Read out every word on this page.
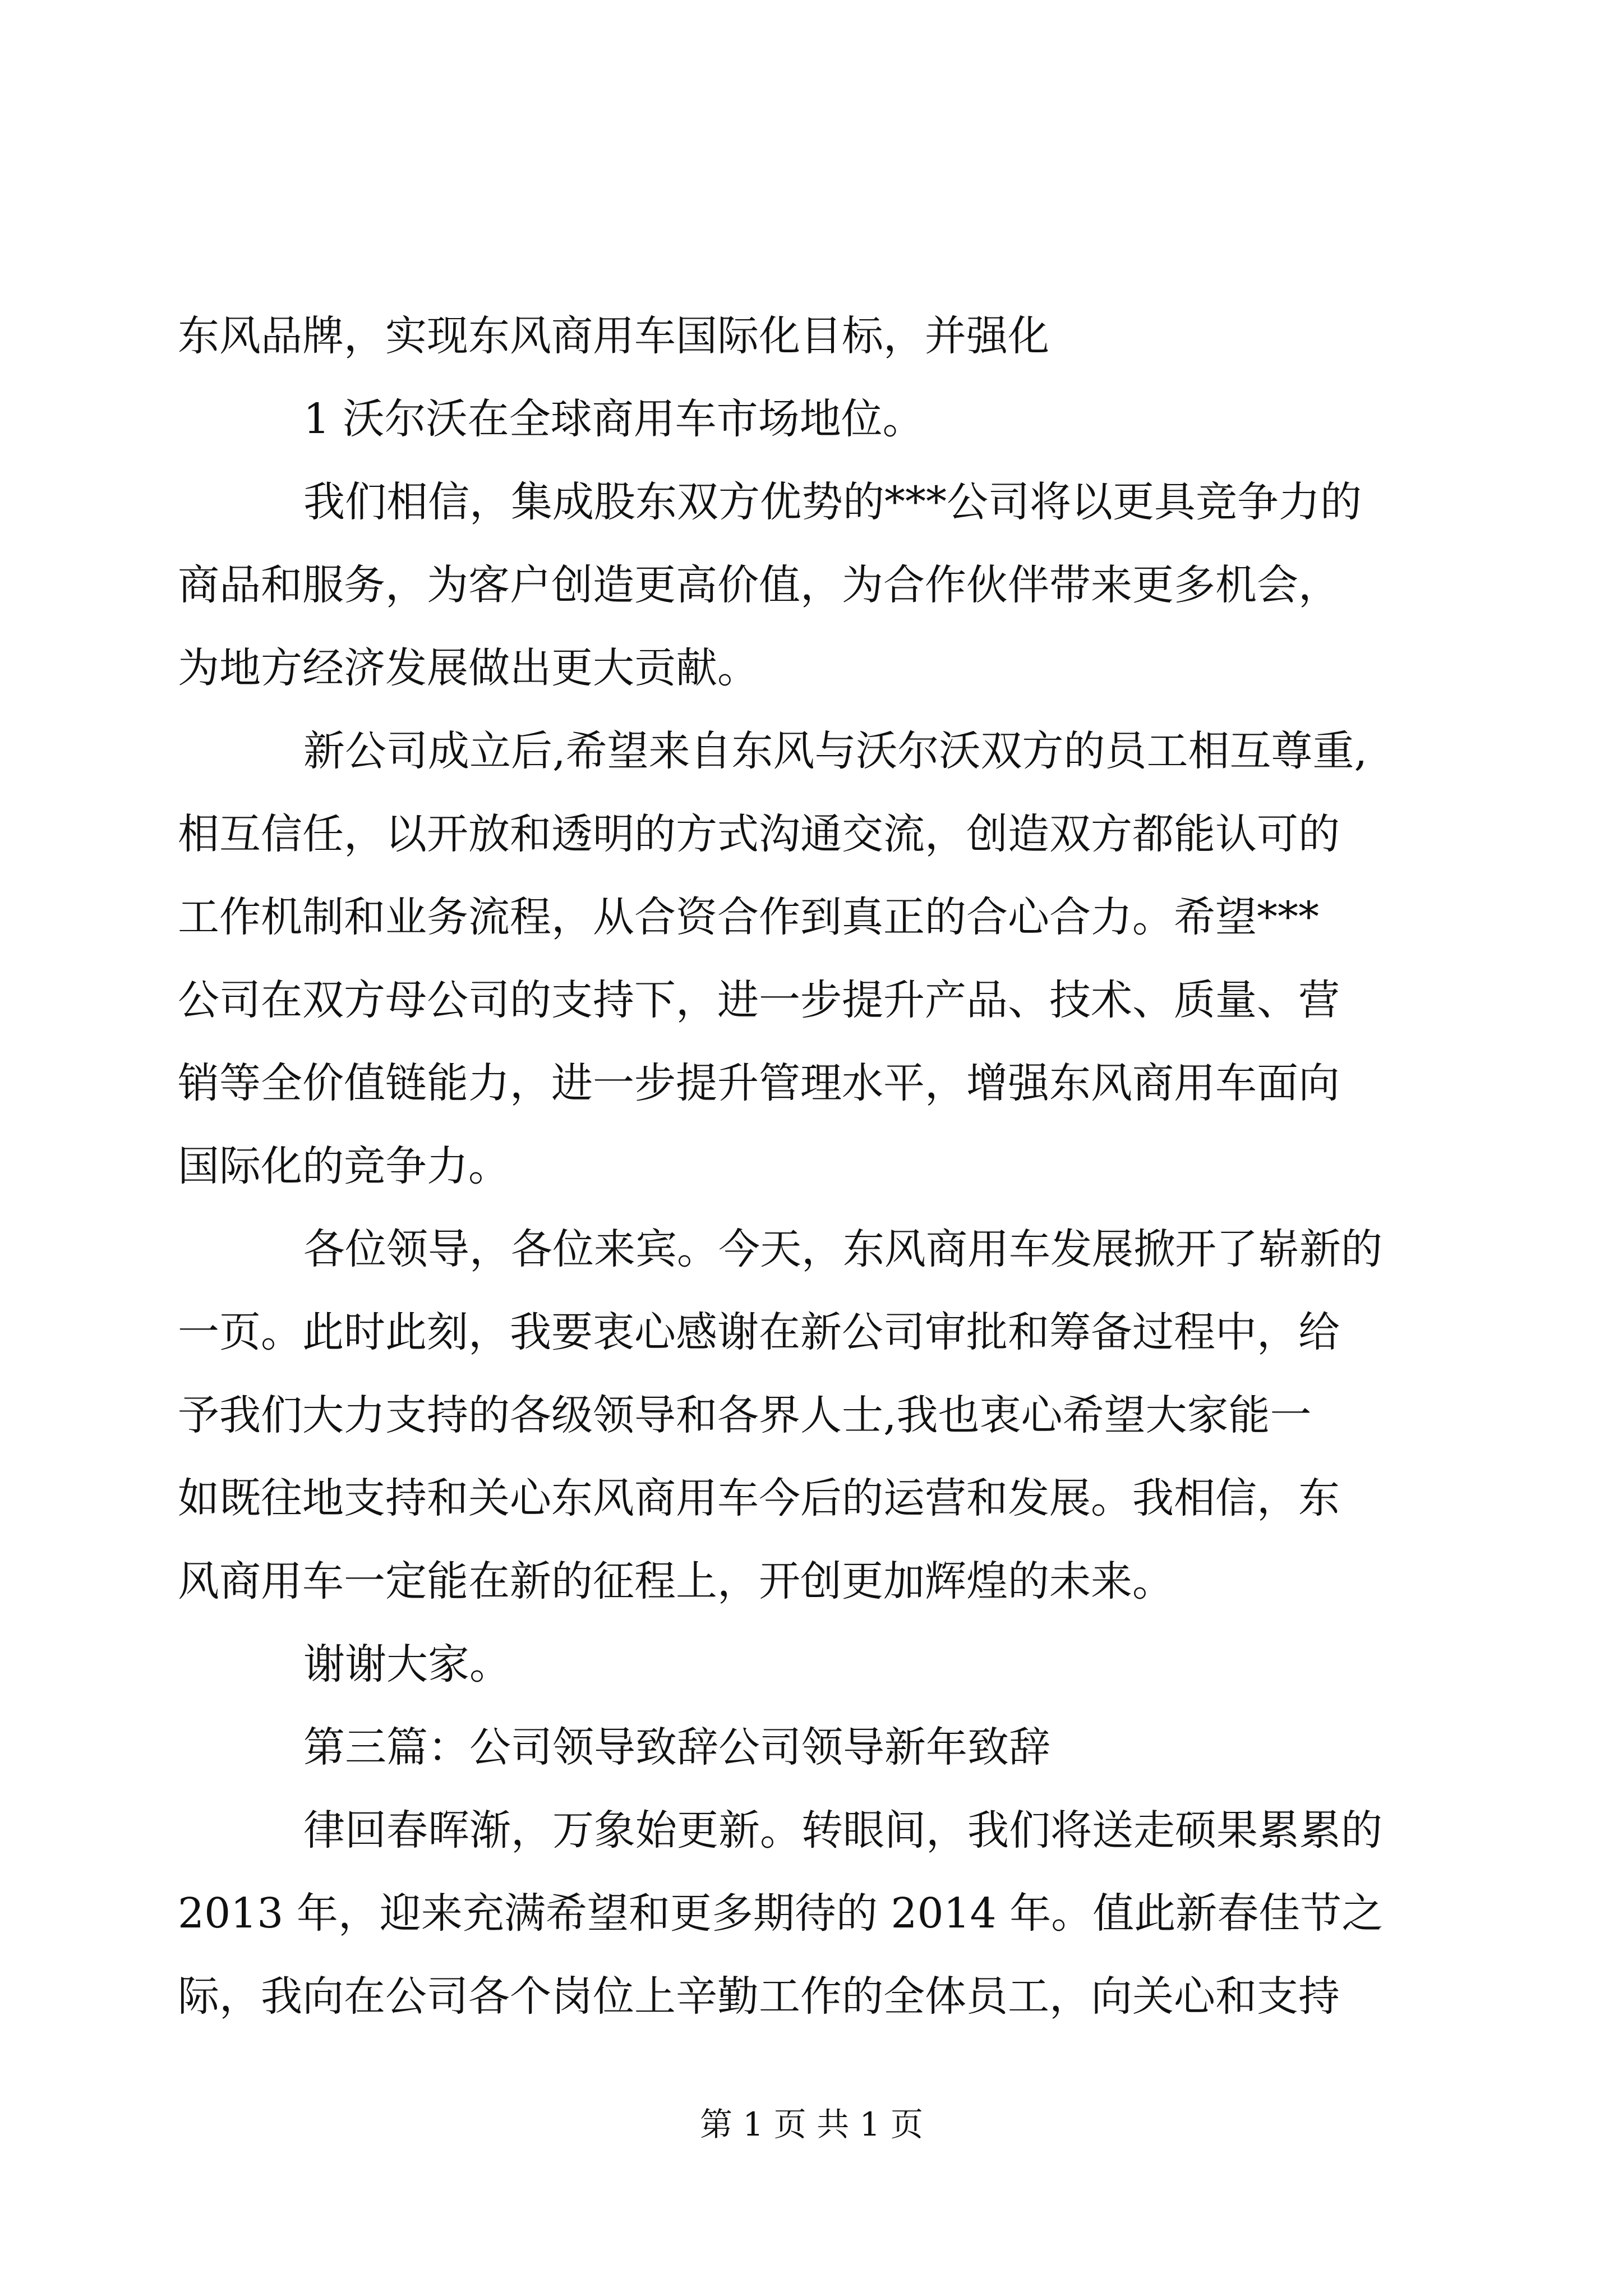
东风品牌，实现东风商用车国际化目标，并强化
1 沃尔沃在全球商用车市场地位。
我们相信，集成股东双方优势的***公司将以更具竞争力的
商品和服务，为客户创造更高价值，为合作伙伴带来更多机会，
为地方经济发展做出更大贡献。
新公司成立后,希望来自东风与沃尔沃双方的员工相互尊重,
相互信任，以开放和透明的方式沟通交流，创造双方都能认可的
工作机制和业务流程，从合资合作到真正的合心合力。希望***
公司在双方母公司的支持下，进一步提升产品、技术、质量、营
销等全价值链能力，进一步提升管理水平，增强东风商用车面向
国际化的竞争力。
各位领导，各位来宾。今天，东风商用车发展掀开了崭新的
一页。此时此刻，我要衷心感谢在新公司审批和筹备过程中，给
予我们大力支持的各级领导和各界人士,我也衷心希望大家能一
如既往地支持和关心东风商用车今后的运营和发展。我相信，东
风商用车一定能在新的征程上，开创更加辉煌的未来。
谢谢大家。
第三篇：公司领导致辞公司领导新年致辞
律回春晖渐，万象始更新。转眼间，我们将送走硕果累累的
2013 年，迎来充满希望和更多期待的 2014 年。值此新春佳节之
际，我向在公司各个岗位上辛勤工作的全体员工，向关心和支持
第 1 页 共 1 页
